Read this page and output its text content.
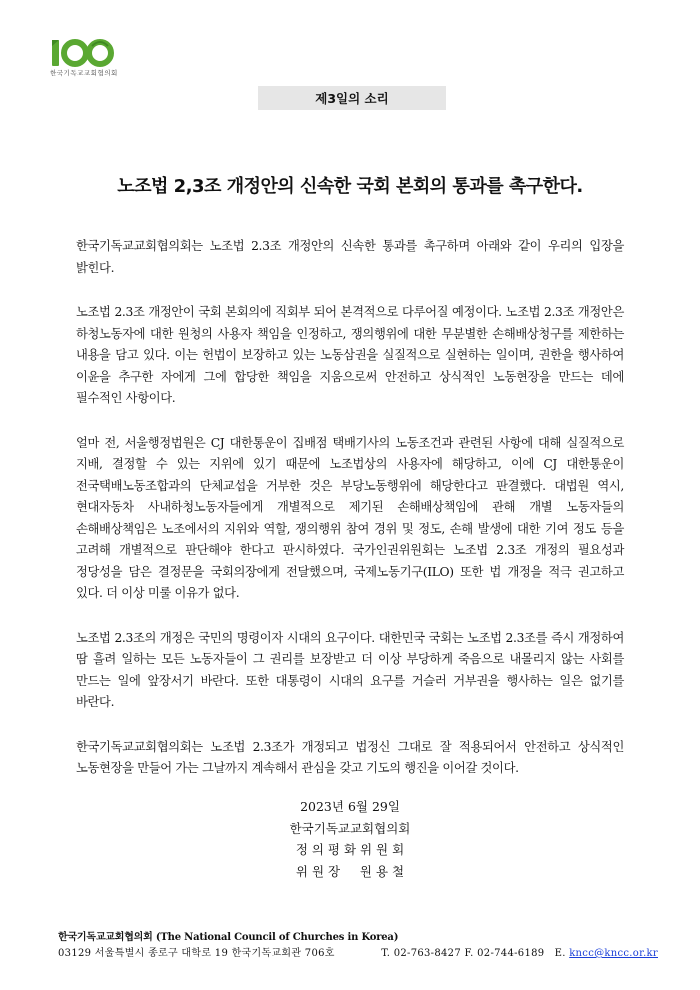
한국기독교교회협의회
제3일의 소리
노조법 2,3조 개정안의 신속한 국회 본회의 통과를 촉구한다.

한국기독교교회협의회는 노조법 2.3조 개정안의 신속한 통과를 촉구하며 아래와 같이 우리의 입장을 밝힌다.

노조법 2.3조 개정안이 국회 본회의에 직회부 되어 본격적으로 다루어질 예정이다. 노조법 2.3조 개정안은 하청노동자에 대한 원청의 사용자 책임을 인정하고, 쟁의행위에 대한 무분별한 손해배상청구를 제한하는 내용을 담고 있다. 이는 헌법이 보장하고 있는 노동삼권을 실질적으로 실현하는 일이며, 권한을 행사하여 이윤을 추구한 자에게 그에 합당한 책임을 지움으로써 안전하고 상식적인 노동현장을 만드는 데에 필수적인 사항이다.

얼마 전, 서울행정법원은 CJ 대한통운이 집배점 택배기사의 노동조건과 관련된 사항에 대해 실질적으로 지배, 결정할 수 있는 지위에 있기 때문에 노조법상의 사용자에 해당하고, 이에 CJ 대한통운이 전국택배노동조합과의 단체교섭을 거부한 것은 부당노동행위에 해당한다고 판결했다. 대법원 역시, 현대자동차 사내하청노동자들에게 개별적으로 제기된 손해배상책임에 관해 개별 노동자들의 손해배상책임은 노조에서의 지위와 역할, 쟁의행위 참여 경위 및 정도, 손해 발생에 대한 기여 정도 등을 고려해 개별적으로 판단해야 한다고 판시하였다. 국가인권위원회는 노조법 2.3조 개정의 필요성과 정당성을 담은 결정문을 국회의장에게 전달했으며, 국제노동기구(ILO) 또한 법 개정을 적극 권고하고 있다. 더 이상 미룰 이유가 없다.

노조법 2.3조의 개정은 국민의 명령이자 시대의 요구이다. 대한민국 국회는 노조법 2.3조를 즉시 개정하여 땀 흘려 일하는 모든 노동자들이 그 권리를 보장받고 더 이상 부당하게 죽음으로 내몰리지 않는 사회를 만드는 일에 앞장서기 바란다. 또한 대통령이 시대의 요구를 거슬러 거부권을 행사하는 일은 없기를 바란다.

한국기독교교회협의회는 노조법 2.3조가 개정되고 법정신 그대로 잘 적용되어서 안전하고 상식적인 노동현장을 만들어 가는 그날까지 계속해서 관심을 갖고 기도의 행진을 이어갈 것이다.

2023년 6월 29일
한국기독교교회협의회
정 의 평 화 위 원 회
위 원 장     원 용 철
한국기독교교회협의회 (The National Council of Churches in Korea)
03129 서울특별시 종로구 대학로 19 한국기독교회관 706호	T. 02-763-8427 F. 02-744-6189	E. kncc@kncc.or.kr
